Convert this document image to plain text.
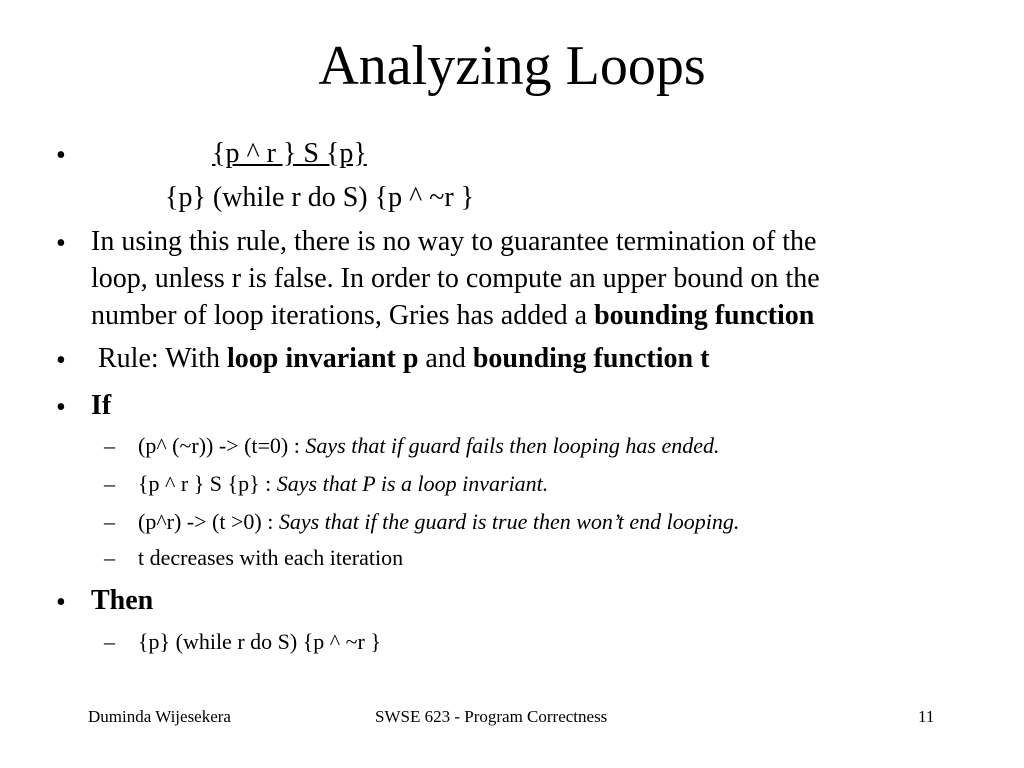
Analyzing Loops
•	{p ^ r } S {p}
{p} (while r do S) {p ^ ~r }
• In using this rule, there is no way to guarantee termination of the
loop, unless r is false. In order to compute an upper bound on the
number of loop iterations, Gries has added a bounding function
• Rule: With loop invariant p and bounding function t
• If
– (p^ (~r)) -> (t=0) : Says that if guard fails then looping has ended.
– {p ^ r } S {p} : Says that P is a loop invariant.
– (p^r) -> (t >0) : Says that if the guard is true then won’t end looping.
– t decreases with each iteration
• Then
– {p} (while r do S) {p ^ ~r }
Duminda Wijesekera	SWSE 623 - Program Correctness	11
